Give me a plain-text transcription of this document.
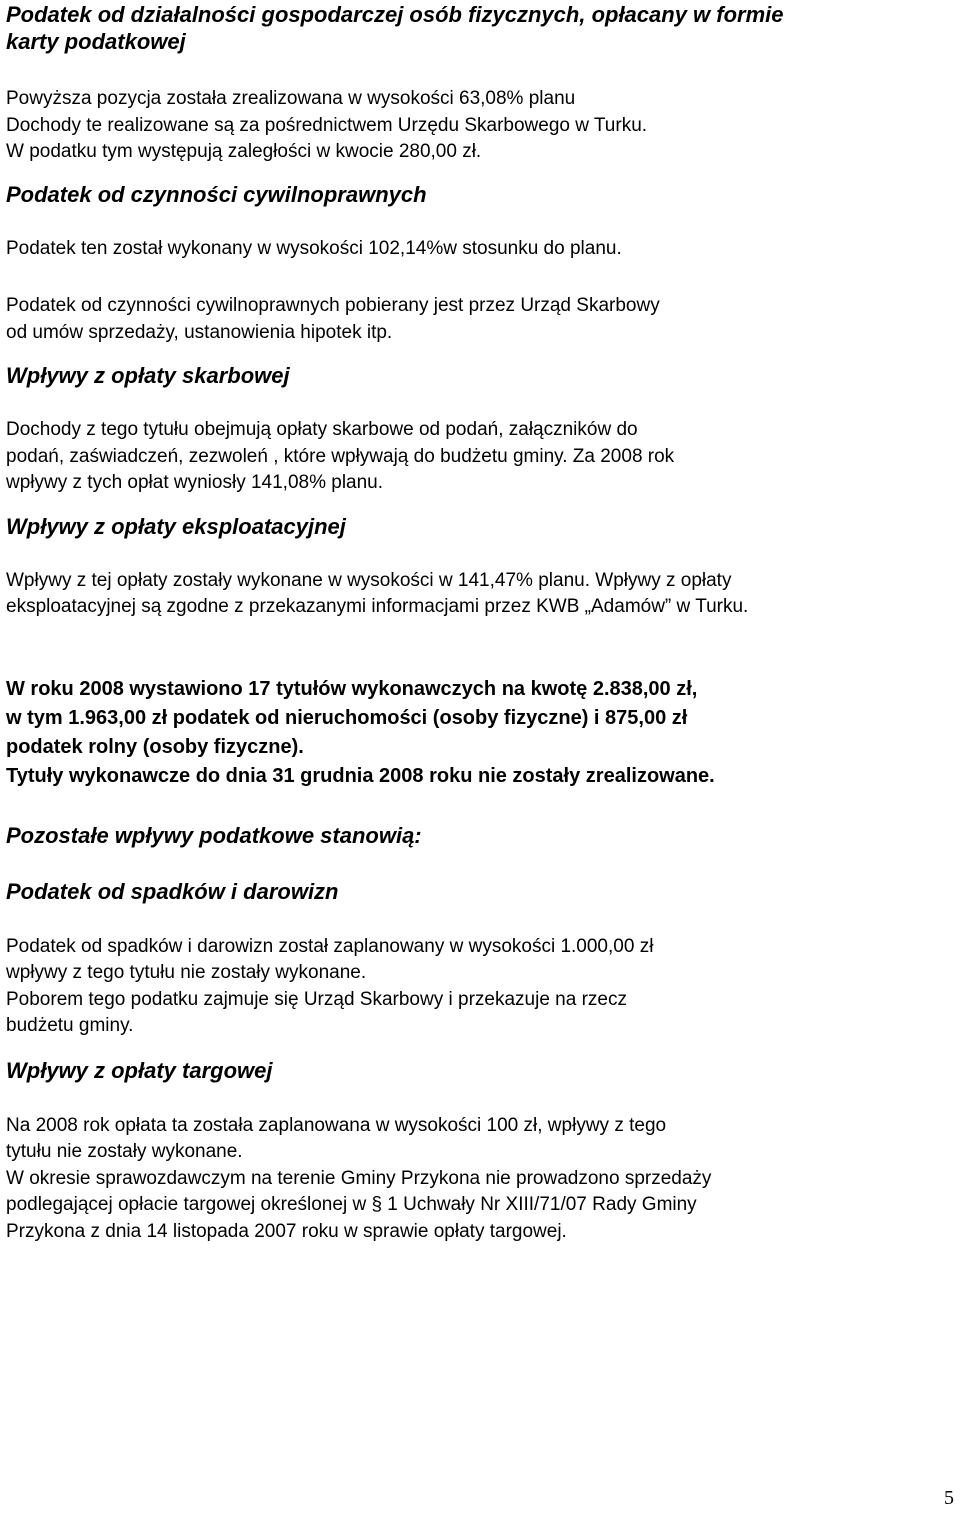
Podatek od działalności gospodarczej osób fizycznych, opłacany w formie
karty podatkowej

Powyższa pozycja została zrealizowana w wysokości 63,08% planu
Dochody te realizowane są za pośrednictwem Urzędu Skarbowego w Turku.
W podatku tym występują zaległości w kwocie 280,00 zł.

Podatek od czynności cywilnoprawnych

Podatek ten został wykonany w wysokości 102,14%w stosunku do planu.

Podatek od czynności cywilnoprawnych pobierany jest przez Urząd Skarbowy
od umów sprzedaży, ustanowienia hipotek itp.

Wpływy z opłaty skarbowej

Dochody z tego tytułu obejmują opłaty skarbowe od podań, załączników do
podań, zaświadczeń, zezwoleń , które wpływają do budżetu gminy. Za 2008 rok
wpływy z tych opłat wyniosły 141,08% planu.

Wpływy z opłaty eksploatacyjnej

Wpływy z tej opłaty zostały wykonane w wysokości w 141,47% planu. Wpływy z opłaty
eksploatacyjnej są zgodne z przekazanymi informacjami przez KWB „Adamów” w Turku.

W roku 2008 wystawiono 17 tytułów wykonawczych na kwotę 2.838,00 zł,
w tym 1.963,00 zł podatek od nieruchomości (osoby fizyczne) i 875,00 zł
podatek rolny (osoby fizyczne).
Tytuły wykonawcze do dnia 31 grudnia 2008 roku nie zostały zrealizowane.

Pozostałe wpływy podatkowe stanowią:
Podatek od spadków i darowizn

Podatek od spadków i darowizn został zaplanowany w wysokości 1.000,00 zł
wpływy z tego tytułu nie zostały wykonane.
Poborem tego podatku zajmuje się Urząd Skarbowy i przekazuje na rzecz
budżetu gminy.

Wpływy z opłaty targowej

Na 2008 rok opłata ta została zaplanowana w wysokości 100 zł, wpływy z tego
tytułu nie zostały wykonane.
W okresie sprawozdawczym na terenie Gminy Przykona nie prowadzono sprzedaży
podlegającej opłacie targowej określonej w § 1 Uchwały Nr XIII/71/07 Rady Gminy
Przykona z dnia 14 listopada 2007 roku w sprawie opłaty targowej.

5
